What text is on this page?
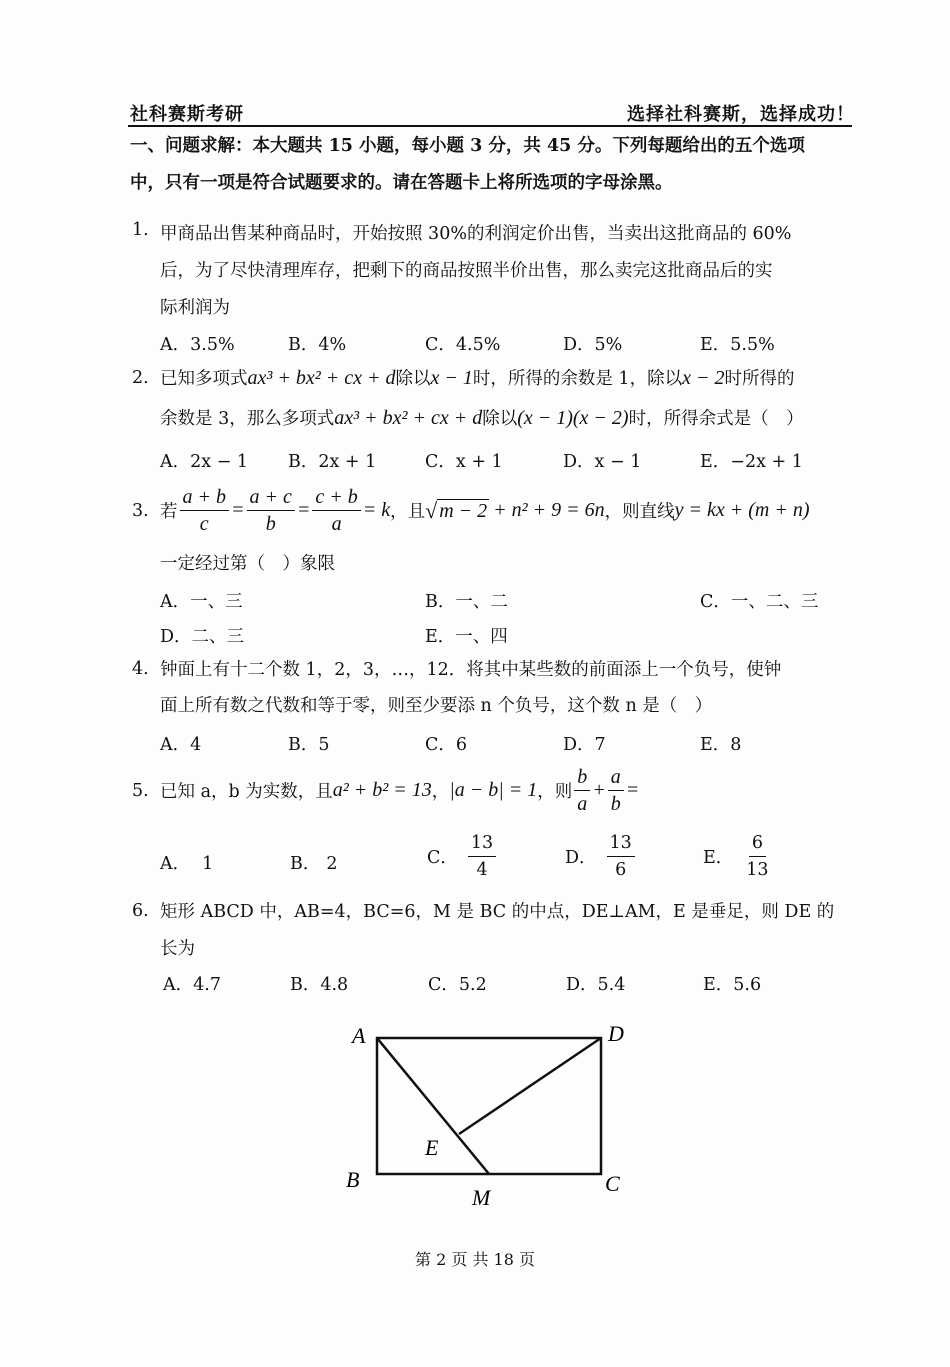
社科赛斯考研	选择社科赛斯，选择成功！
一、问题求解：本大题共 15 小题，每小题 3 分，共 45 分。下列每题给出的五个选项
中，只有一项是符合试题要求的。请在答题卡上将所选项的字母涂黑。
1. 甲商品出售某种商品时，开始按照 30%的利润定价出售，当卖出这批商品的 60%
后，为了尽快清理库存，把剩下的商品按照半价出售，那么卖完这批商品后的实
际利润为
A．3.5%	B．4%	C．4.5%	D．5%	E．5.5%
2. 已知多项式ax³ + bx² + cx + d除以x − 1时，所得的余数是 1，除以x − 2时所得的
余数是 3，那么多项式ax³ + bx² + cx + d除以(x − 1)(x − 2)时，所得余式是（　）
A．2x − 1 B．2x + 1	C．x + 1	D．x − 1	E．−2x + 1
3. 若 $\frac{a + b}{c} = \frac{a + c}{b} = \frac{c + b}{a} = k$ ，且 √ m − 2 + n² + 9 = 6n ，则直线 y = kx + (m + n)
一定经过第（　）象限
A．一、三	B．一、二	C．一、二、三
D．二、三	E．一、四
4. 钟面上有十二个数 1，2，3，…，12．将其中某些数的前面添上一个负号，使钟
面上所有数之代数和等于零，则至少要添 n 个负号，这个数 n 是（　）
A．4	B．5	C．6	D．7	E．8
5. 已知 a，b 为实数，且 a² + b² = 13 ， |a − b| = 1 ，则 $\frac{b}{a} + \frac{a}{b}$ =
A． 1	B． 2	C． $\frac{13}{4}$	D． $\frac{13}{6}$	E． $\frac{6}{13}$
6. 矩形 ABCD 中，AB=4，BC=6，M 是 BC 的中点，DE⊥AM，E 是垂足，则 DE 的
长为
A．4.7	B．4.8	C．5.2	D．5.4	E．5.6
A	D
E
B	C
M
第 2 页 共 18 页
